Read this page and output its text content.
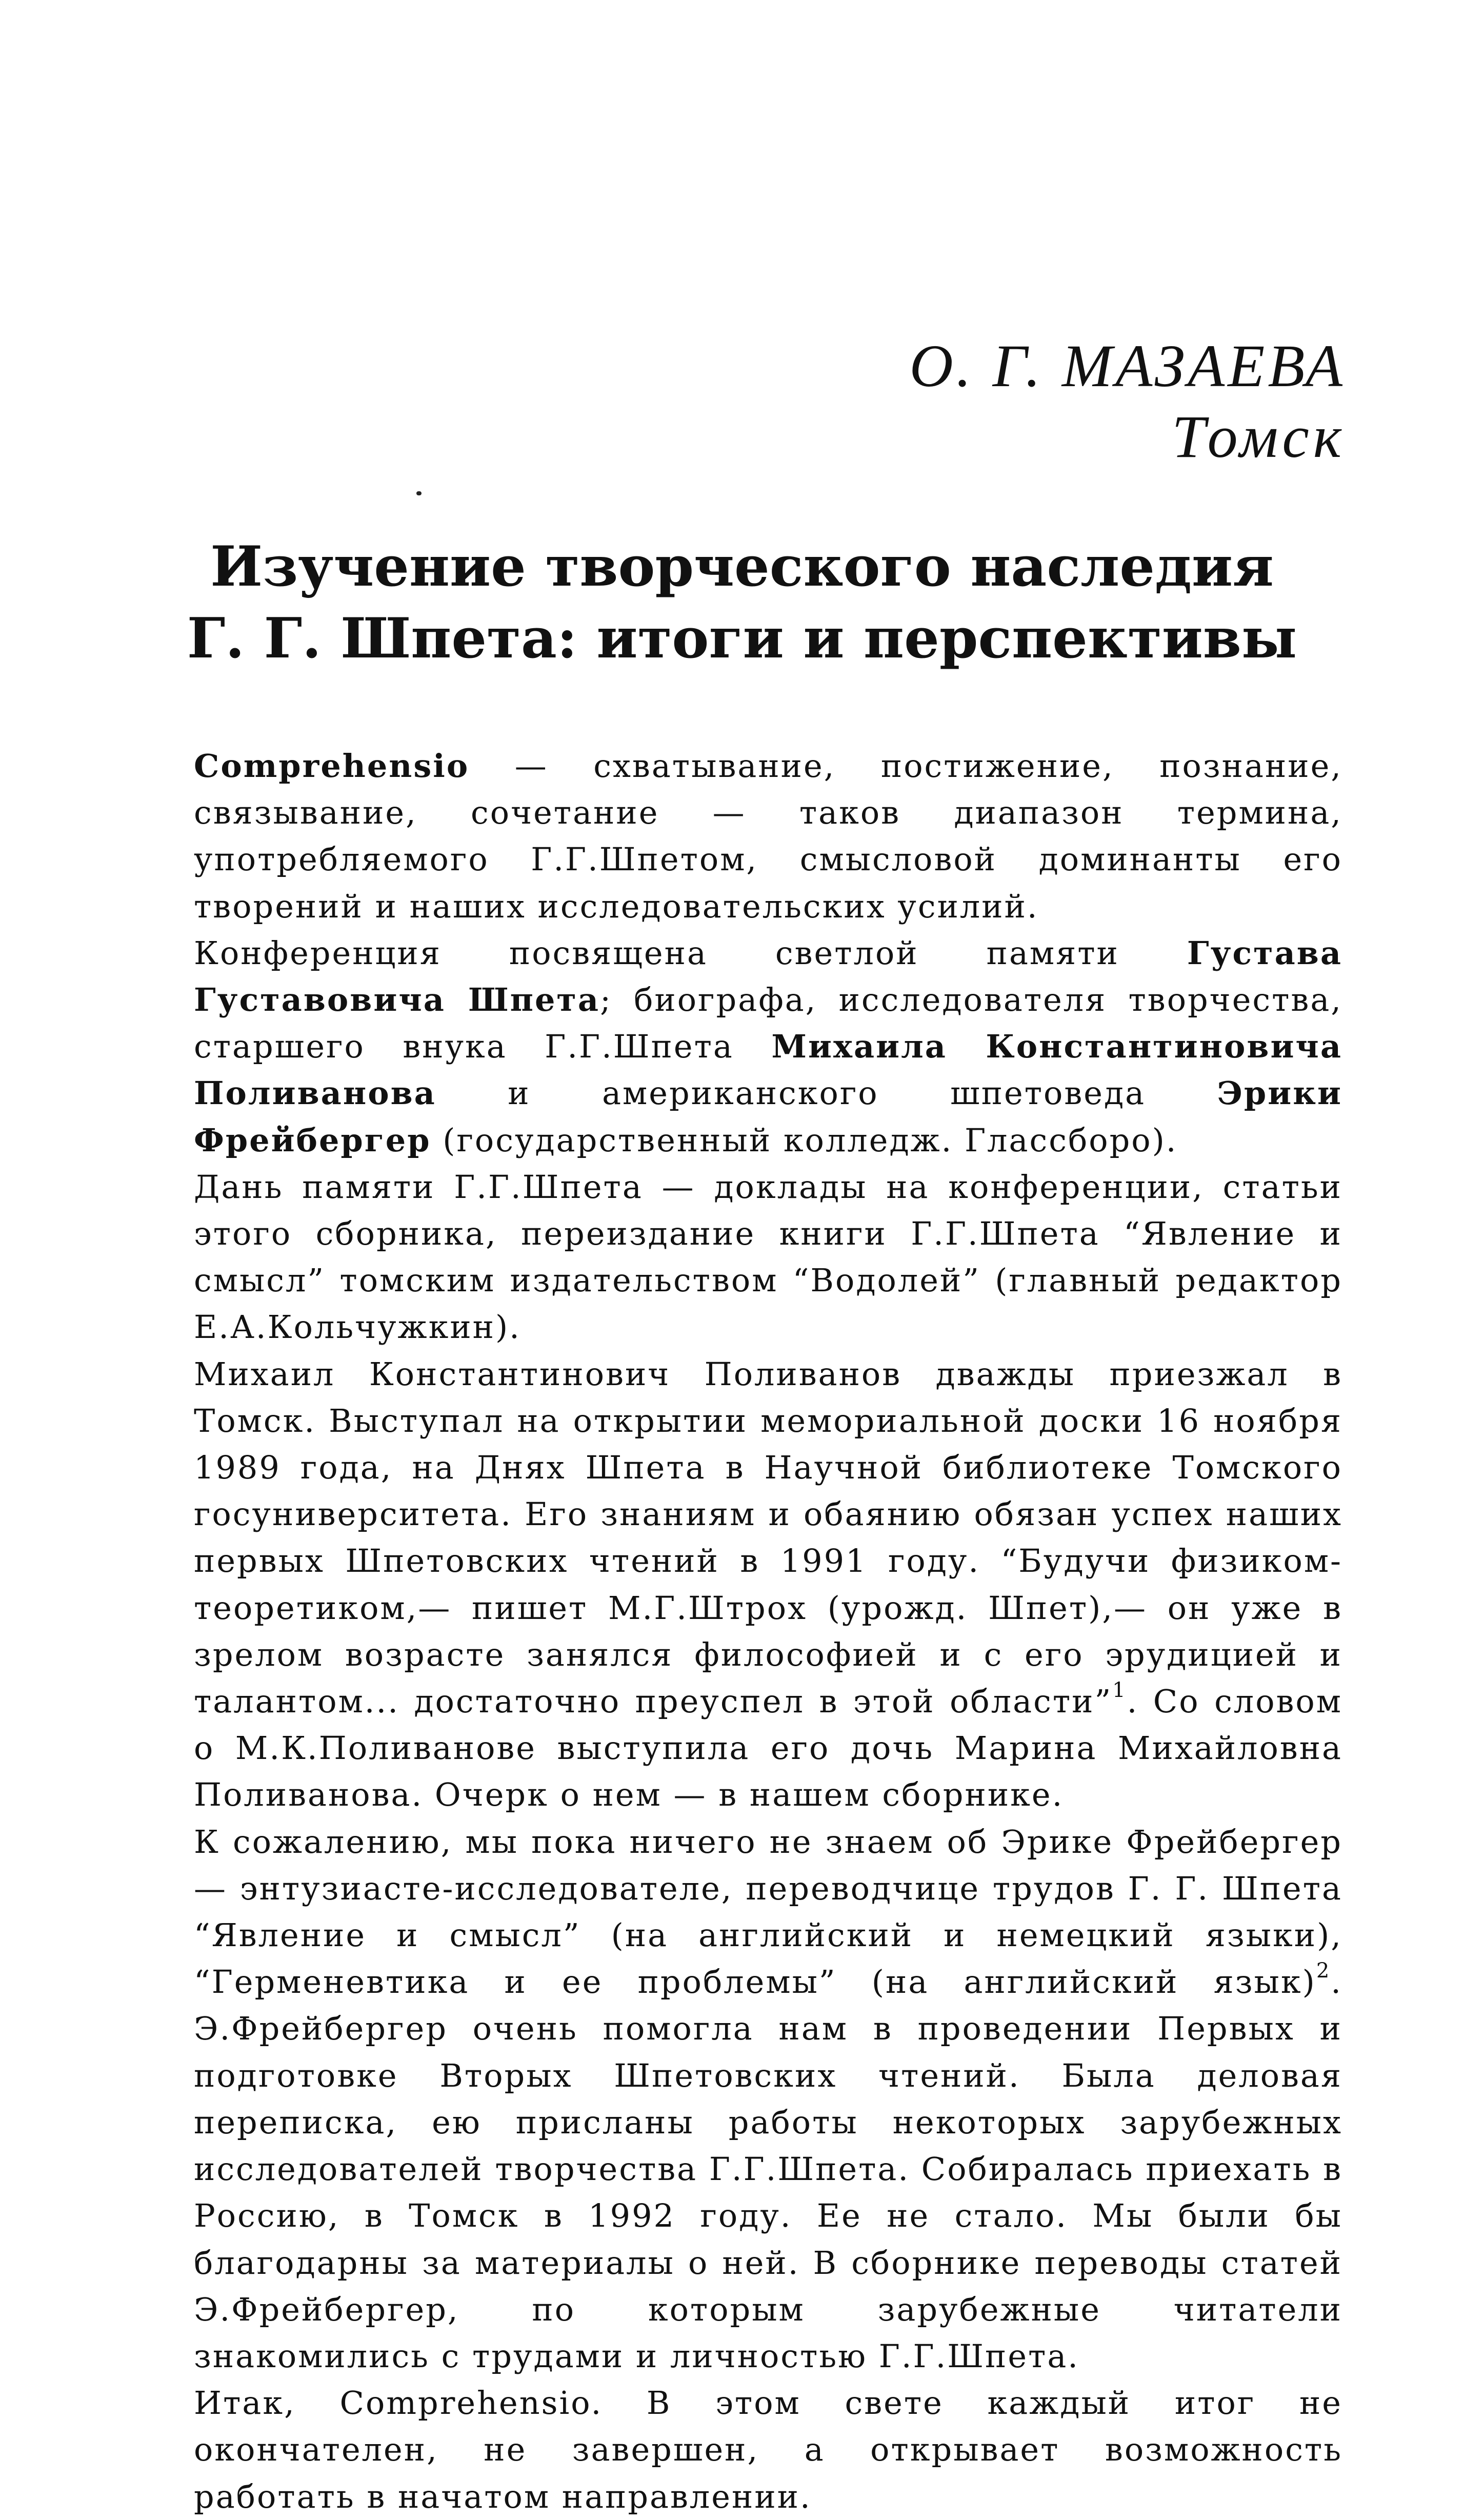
О. Г. МАЗАЕВА
Томск
Изучение творческого наследия
Г. Г. Шпета: итоги и перспективы

Comprehensio — схватывание, постижение, познание, связывание, сочетание — таков диапазон термина, употребляемого Г.Г.Шпетом, смысловой доминанты его творений и наших исследовательских усилий.

Конференция посвящена светлой памяти Густава Густавовича Шпета; биографа, исследователя творчества, старшего внука Г.Г.Шпета Михаила Константиновича Поливанова и американского шпетоведа Эрики Фрейбергер (государственный колледж. Глассборо).

Дань памяти Г.Г.Шпета — доклады на конференции, статьи этого сборника, переиздание книги Г.Г.Шпета “Явление и смысл” томским издательством “Водолей” (главный редактор Е.А.Кольчужкин).

Михаил Константинович Поливанов дважды приезжал в Томск. Выступал на открытии мемориальной доски 16 ноября 1989 года, на Днях Шпета в Научной библиотеке Томского госуниверситета. Его знаниям и обаянию обязан успех наших первых Шпетовских чтений в 1991 году. “Будучи физиком-теоретиком,— пишет М.Г.Штрох (урожд. Шпет),— он уже в зрелом возрасте занялся философией и с его эрудицией и талантом... достаточно преуспел в этой области”$^1$. Со словом о М.К.Поливанове выступила его дочь Марина Михайловна Поливанова. Очерк о нем — в нашем сборнике.

К сожалению, мы пока ничего не знаем об Эрике Фрейбергер — энтузиасте-исследователе, переводчице трудов Г. Г. Шпета “Явление и смысл” (на английский и немецкий языки), “Герменевтика и ее проблемы” (на английский язык)$^2$. Э.Фрейбергер очень помогла нам в проведении Первых и подготовке Вторых Шпетовских чтений. Была деловая переписка, ею присланы работы некоторых зарубежных исследователей творчества Г.Г.Шпета. Собиралась приехать в Россию, в Томск в 1992 году. Ее не стало. Мы были бы благодарны за материалы о ней. В сборнике переводы статей Э.Фрейбергер, по которым зарубежные читатели знакомились с трудами и личностью Г.Г.Шпета.

Итак, Comprehensio. В этом свете каждый итог не окончателен, не завершен, а открывает возможность работать в начатом направлении.
